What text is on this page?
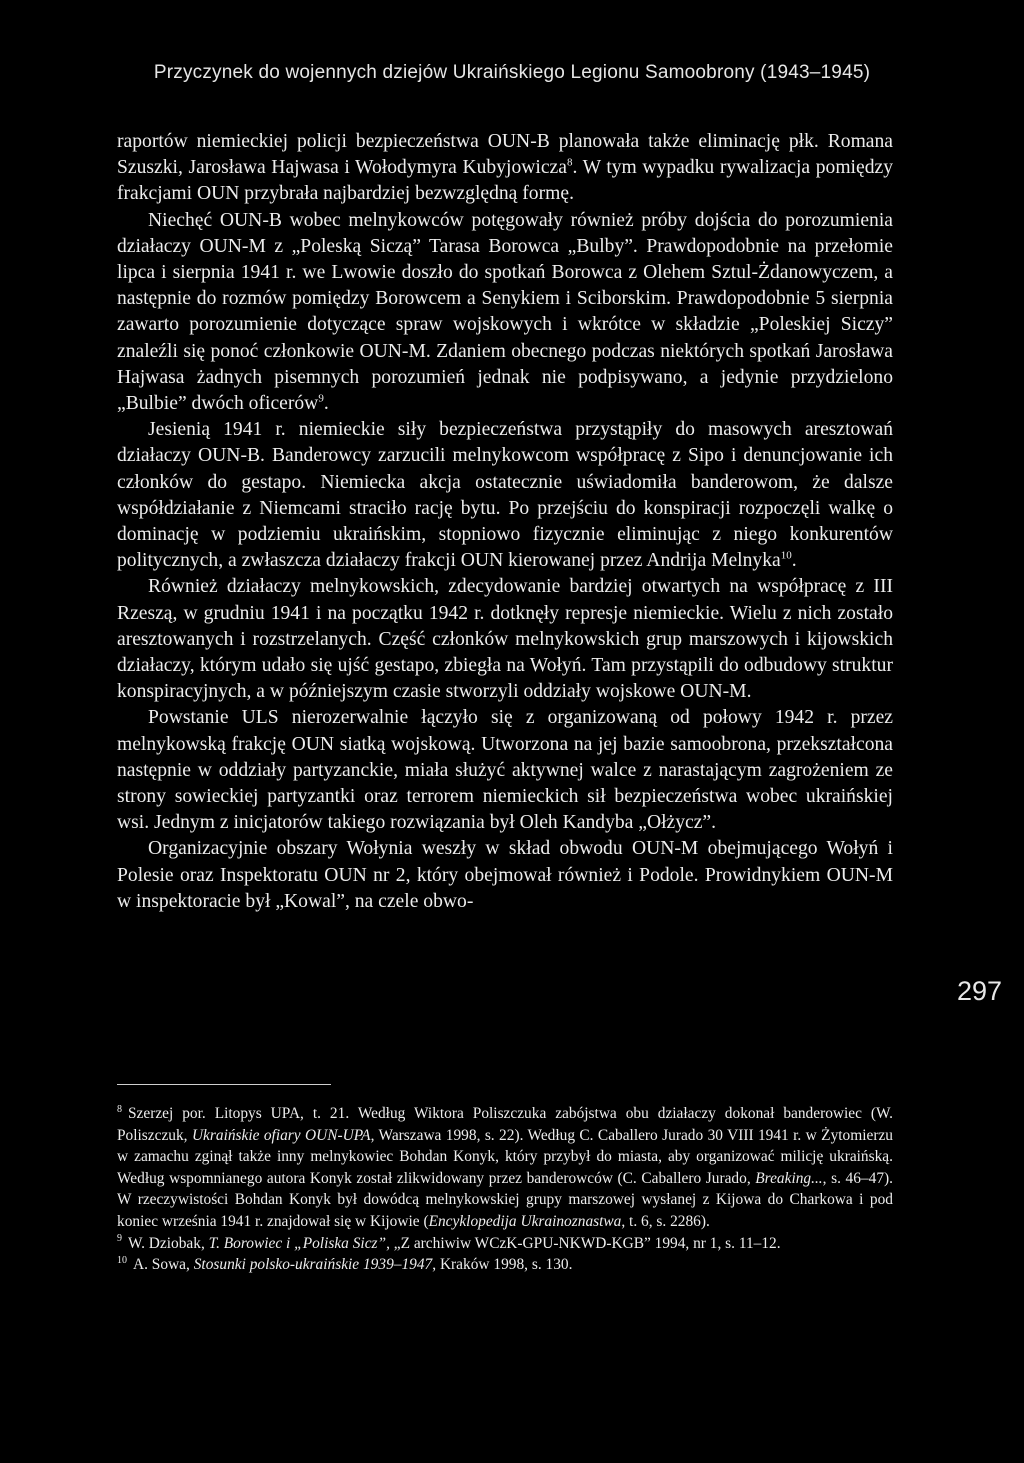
Przyczynek do wojennych dziejów Ukraińskiego Legionu Samoobrony (1943–1945)

raportów niemieckiej policji bezpieczeństwa OUN-B planowała także eliminację płk. Romana Szuszki, Jarosława Hajwasa i Wołodymyra Kubyjowicza$^8$. W tym wypadku rywalizacja pomiędzy frakcjami OUN przybrała najbardziej bezwzględną formę.

Niechęć OUN-B wobec melnykowców potęgowały również próby dojścia do porozumienia działaczy OUN-M z „Poleską Siczą” Tarasa Borowca „Bulby”. Prawdopodobnie na przełomie lipca i sierpnia 1941 r. we Lwowie doszło do spotkań Borowca z Olehem Sztul-Żdanowyczem, a następnie do rozmów pomiędzy Borowcem a Senykiem i Sciborskim. Prawdopodobnie 5 sierpnia zawarto porozumienie dotyczące spraw wojskowych i wkrótce w składzie „Poleskiej Siczy” znaleźli się ponoć członkowie OUN-M. Zdaniem obecnego podczas niektórych spotkań Jarosława Hajwasa żadnych pisemnych porozumień jednak nie podpisywano, a jedynie przydzielono „Bulbie” dwóch oficerów$^9$.

Jesienią 1941 r. niemieckie siły bezpieczeństwa przystąpiły do masowych aresztowań działaczy OUN-B. Banderowcy zarzucili melnykowcom współpracę z Sipo i denuncjowanie ich członków do gestapo. Niemiecka akcja ostatecznie uświadomiła banderowom, że dalsze współdziałanie z Niemcami straciło rację bytu. Po przejściu do konspiracji rozpoczęli walkę o dominację w podziemiu ukraińskim, stopniowo fizycznie eliminując z niego konkurentów politycznych, a zwłaszcza działaczy frakcji OUN kierowanej przez Andrija Melnyka$^{10}$.

Również działaczy melnykowskich, zdecydowanie bardziej otwartych na współpracę z III Rzeszą, w grudniu 1941 i na początku 1942 r. dotknęły represje niemieckie. Wielu z nich zostało aresztowanych i rozstrzelanych. Część członków melnykowskich grup marszowych i kijowskich działaczy, którym udało się ujść gestapo, zbiegła na Wołyń. Tam przystąpili do odbudowy struktur konspiracyjnych, a w późniejszym czasie stworzyli oddziały wojskowe OUN-M.

Powstanie ULS nierozerwalnie łączyło się z organizowaną od połowy 1942 r. przez melnykowską frakcję OUN siatką wojskową. Utworzona na jej bazie samoobrona, przekształcona następnie w oddziały partyzanckie, miała służyć aktywnej walce z narastającym zagrożeniem ze strony sowieckiej partyzantki oraz terrorem niemieckich sił bezpieczeństwa wobec ukraińskiej wsi. Jednym z inicjatorów takiego rozwiązania był Oleh Kandyba „Ołżycz”.

Organizacyjnie obszary Wołynia weszły w skład obwodu OUN-M obejmującego Wołyń i Polesie oraz Inspektoratu OUN nr 2, który obejmował również i Podole. Prowidnykiem OUN-M w inspektoracie był „Kowal”, na czele obwo-

297

$^8$ Szerzej por. Litopys UPA, t. 21. Według Wiktora Poliszczuka zabójstwa obu działaczy dokonał banderowiec (W. Poliszczuk, Ukraińskie ofiary OUN-UPA, Warszawa 1998, s. 22). Według C. Caballero Jurado 30 VIII 1941 r. w Żytomierzu w zamachu zginął także inny melnykowiec Bohdan Konyk, który przybył do miasta, aby organizować milicję ukraińską. Według wspomnianego autora Konyk został zlikwidowany przez banderowców (C. Caballero Jurado, Breaking..., s. 46–47). W rzeczywistości Bohdan Konyk był dowódcą melnykowskiej grupy marszowej wysłanej z Kijowa do Charkowa i pod koniec września 1941 r. znajdował się w Kijowie (Encyklopedija Ukrainoznastwa, t. 6, s. 2286).

$^9$ W. Dziobak, T. Borowiec i „Poliska Sicz”, „Z archiwiw WCzK-GPU-NKWD-KGB” 1994, nr 1, s. 11–12.

$^{10}$ A. Sowa, Stosunki polsko-ukraińskie 1939–1947, Kraków 1998, s. 130.
